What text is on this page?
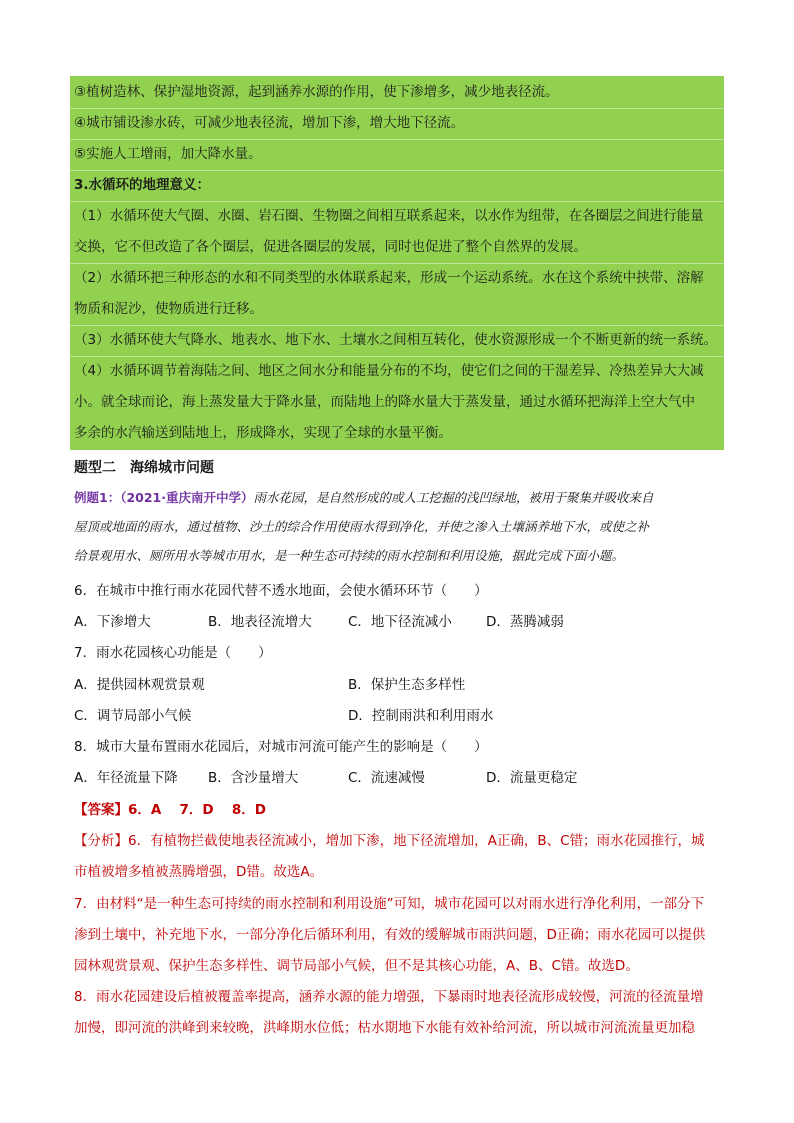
③植树造林、保护湿地资源，起到涵养水源的作用，使下渗增多，减少地表径流。
④城市铺设渗水砖，可减少地表径流，增加下渗，增大地下径流。
⑤实施人工增雨，加大降水量。
3.水循环的地理意义：
（1）水循环使大气圈、水圈、岩石圈、生物圈之间相互联系起来，以水作为纽带，在各圈层之间进行能量
交换，它不但改造了各个圈层，促进各圈层的发展，同时也促进了整个自然界的发展。
（2）水循环把三种形态的水和不同类型的水体联系起来，形成一个运动系统。水在这个系统中挟带、溶解
物质和泥沙，使物质进行迁移。
（3）水循环使大气降水、地表水、地下水、土壤水之间相互转化，使水资源形成一个不断更新的统一系统。
（4）水循环调节着海陆之间、地区之间水分和能量分布的不均，使它们之间的干湿差异、冷热差异大大减
小。就全球而论，海上蒸发量大于降水量，而陆地上的降水量大于蒸发量，通过水循环把海洋上空大气中
多余的水汽输送到陆地上，形成降水，实现了全球的水量平衡。
题型二　海绵城市问题
例题1：（2021·重庆南开中学）雨水花园，是自然形成的或人工挖掘的浅凹绿地，被用于聚集并吸收来自
屋顶或地面的雨水，通过植物、沙土的综合作用使雨水得到净化，并使之渗入土壤涵养地下水，或使之补
给景观用水、厕所用水等城市用水，是一种生态可持续的雨水控制和利用设施，据此完成下面小题。
6．在城市中推行雨水花园代替不透水地面，会使水循环环节（　　）
A．下渗增大	B．地表径流增大	C．地下径流减小	D．蒸腾减弱
7．雨水花园核心功能是（　　）
A．提供园林观赏景观	B．保护生态多样性
C．调节局部小气候	D．控制雨洪和利用雨水
8．城市大量布置雨水花园后，对城市河流可能产生的影响是（　　）
A．年径流量下降 B．含沙量增大	C．流速减慢	D．流量更稳定
【答案】6．A　 7．D　 8．D
【分析】6．有植物拦截使地表径流减小，增加下渗，地下径流增加，A正确，B、C错；雨水花园推行，城
市植被增多植被蒸腾增强，D错。故选A。
7．由材料“是一种生态可持续的雨水控制和利用设施”可知，城市花园可以对雨水进行净化利用，一部分下
渗到土壤中，补充地下水，一部分净化后循环利用，有效的缓解城市雨洪问题，D正确；雨水花园可以提供
园林观赏景观、保护生态多样性、调节局部小气候，但不是其核心功能，A、B、C错。故选D。
8．雨水花园建设后植被覆盖率提高，涵养水源的能力增强，下暴雨时地表径流形成较慢，河流的径流量增
加慢，即河流的洪峰到来较晚，洪峰期水位低；枯水期地下水能有效补给河流，所以城市河流流量更加稳
